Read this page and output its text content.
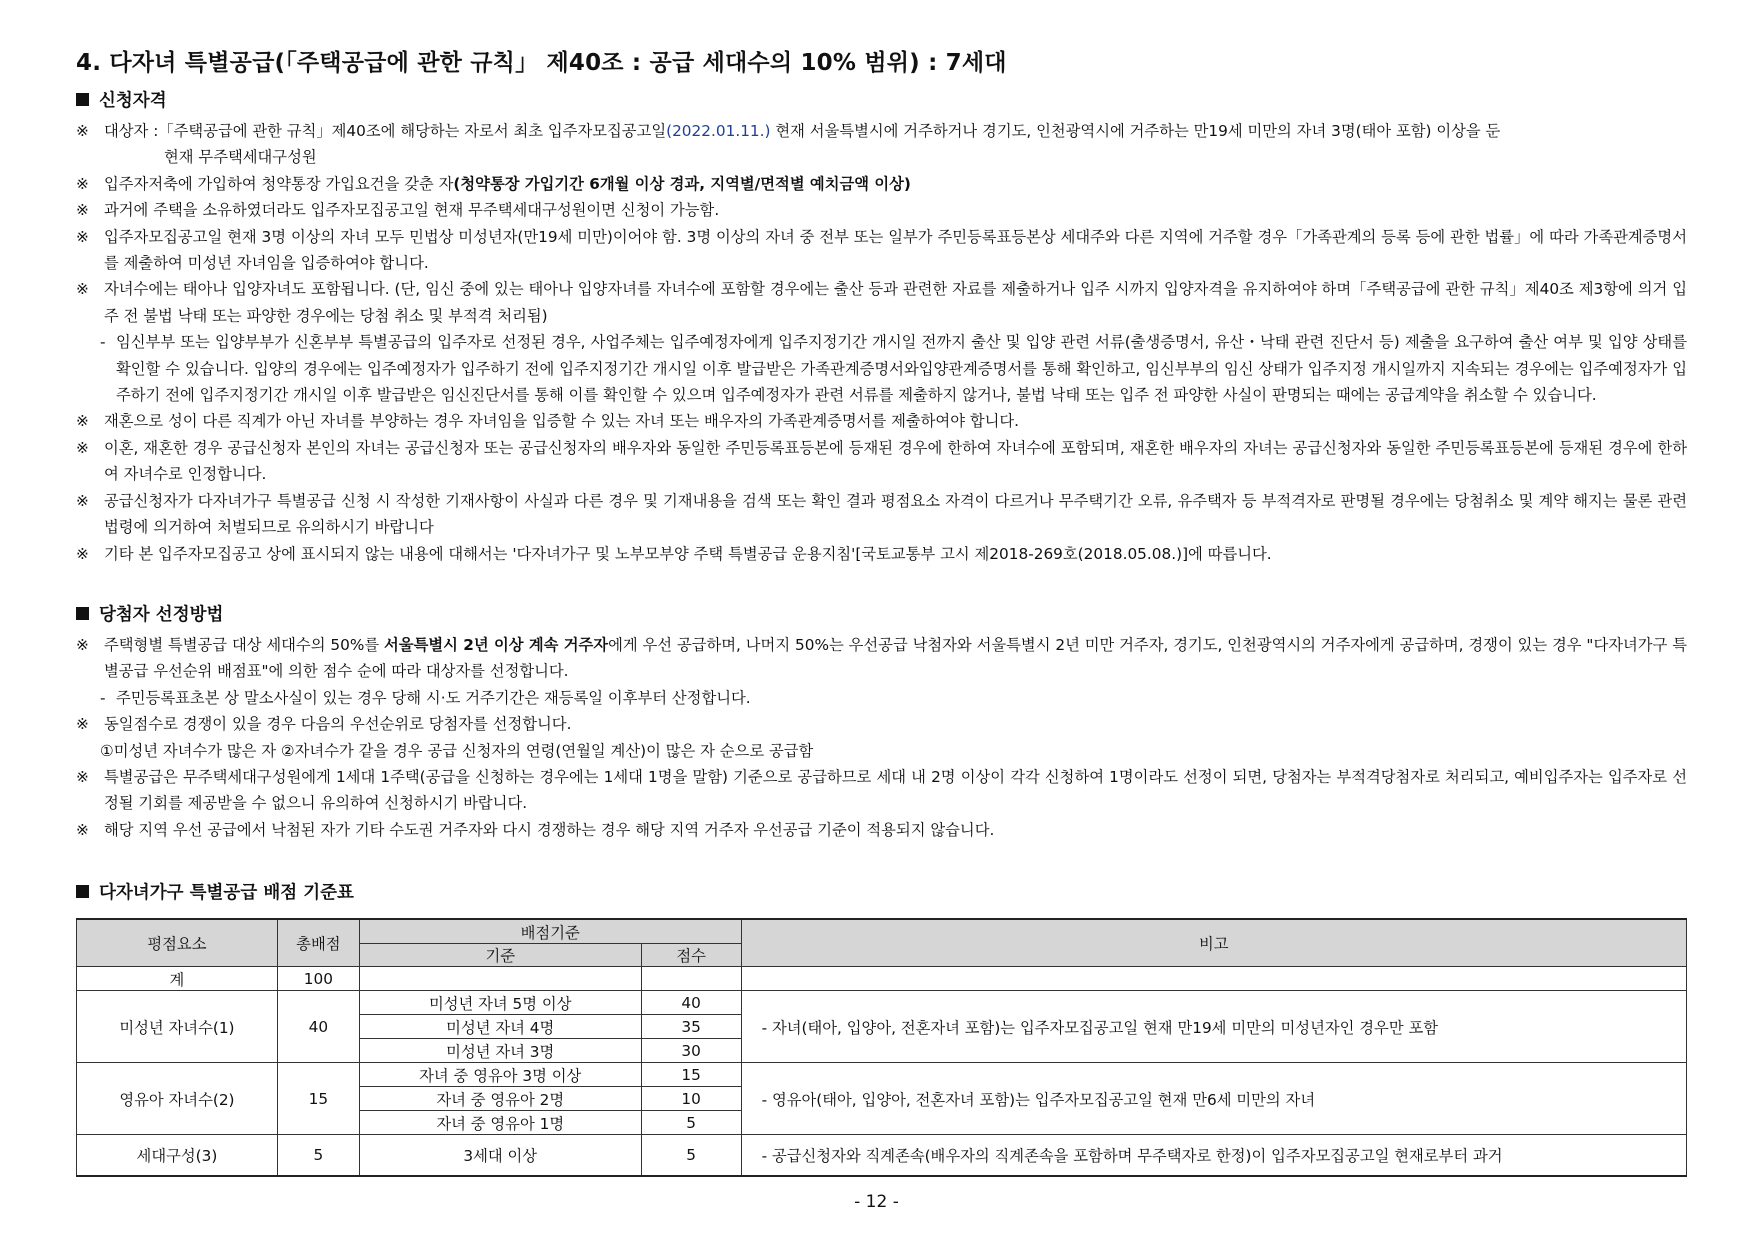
4. 다자녀 특별공급(「주택공급에 관한 규칙」 제40조 : 공급 세대수의 10% 범위) : 7세대
신청자격
※ 대상자 :「주택공급에 관한 규칙」제40조에 해당하는 자로서 최초 입주자모집공고일(2022.01.11.) 현재 서울특별시에 거주하거나 경기도, 인천광역시에 거주하는 만19세 미만의 자녀 3명(태아 포함) 이상을 둔
현재 무주택세대구성원
※ 입주자저축에 가입하여 청약통장 가입요건을 갖춘 자(청약통장 가입기간 6개월 이상 경과, 지역별/면적별 예치금액 이상)
※ 과거에 주택을 소유하였더라도 입주자모집공고일 현재 무주택세대구성원이면 신청이 가능함.
※ 입주자모집공고일 현재 3명 이상의 자녀 모두 민법상 미성년자(만19세 미만)이어야 함. 3명 이상의 자녀 중 전부 또는 일부가 주민등록표등본상 세대주와 다른 지역에 거주할 경우「가족관계의 등록 등에 관한 법률」에 따라 가족관계증명서를 제출하여 미성년 자녀임을 입증하여야 합니다.
※ 자녀수에는 태아나 입양자녀도 포함됩니다. (단, 임신 중에 있는 태아나 입양자녀를 자녀수에 포함할 경우에는 출산 등과 관련한 자료를 제출하거나 입주 시까지 입양자격을 유지하여야 하며「주택공급에 관한 규칙」제40조 제3항에 의거 입주 전 불법 낙태 또는 파양한 경우에는 당첨 취소 및 부적격 처리됨)
- 임신부부 또는 입양부부가 신혼부부 특별공급의 입주자로 선정된 경우, 사업주체는 입주예정자에게 입주지정기간 개시일 전까지 출산 및 입양 관련 서류(출생증명서, 유산・낙태 관련 진단서 등) 제출을 요구하여 출산 여부 및 입양 상태를 확인할 수 있습니다. 입양의 경우에는 입주예정자가 입주하기 전에 입주지정기간 개시일 이후 발급받은 가족관계증명서와입양관계증명서를 통해 확인하고, 임신부부의 임신 상태가 입주지정 개시일까지 지속되는 경우에는 입주예정자가 입주하기 전에 입주지정기간 개시일 이후 발급받은 임신진단서를 통해 이를 확인할 수 있으며 입주예정자가 관련 서류를 제출하지 않거나, 불법 낙태 또는 입주 전 파양한 사실이 판명되는 때에는 공급계약을 취소할 수 있습니다.
※ 재혼으로 성이 다른 직계가 아닌 자녀를 부양하는 경우 자녀임을 입증할 수 있는 자녀 또는 배우자의 가족관계증명서를 제출하여야 합니다.
※ 이혼, 재혼한 경우 공급신청자 본인의 자녀는 공급신청자 또는 공급신청자의 배우자와 동일한 주민등록표등본에 등재된 경우에 한하여 자녀수에 포함되며, 재혼한 배우자의 자녀는 공급신청자와 동일한 주민등록표등본에 등재된 경우에 한하여 자녀수로 인정합니다.
※ 공급신청자가 다자녀가구 특별공급 신청 시 작성한 기재사항이 사실과 다른 경우 및 기재내용을 검색 또는 확인 결과 평점요소 자격이 다르거나 무주택기간 오류, 유주택자 등 부적격자로 판명될 경우에는 당첨취소 및 계약 해지는 물론 관련 법령에 의거하여 처벌되므로 유의하시기 바랍니다
※ 기타 본 입주자모집공고 상에 표시되지 않는 내용에 대해서는 '다자녀가구 및 노부모부양 주택 특별공급 운용지침'[국토교통부 고시 제2018-269호(2018.05.08.)]에 따릅니다.
당첨자 선정방법
※ 주택형별 특별공급 대상 세대수의 50%를 서울특별시 2년 이상 계속 거주자에게 우선 공급하며, 나머지 50%는 우선공급 낙첨자와 서울특별시 2년 미만 거주자, 경기도, 인천광역시의 거주자에게 공급하며, 경쟁이 있는 경우 "다자녀가구 특별공급 우선순위 배점표"에 의한 점수 순에 따라 대상자를 선정합니다.
- 주민등록표초본 상 말소사실이 있는 경우 당해 시·도 거주기간은 재등록일 이후부터 산정합니다.
※ 동일점수로 경쟁이 있을 경우 다음의 우선순위로 당첨자를 선정합니다.
①미성년 자녀수가 많은 자 ②자녀수가 같을 경우 공급 신청자의 연령(연월일 계산)이 많은 자 순으로 공급함
※ 특별공급은 무주택세대구성원에게 1세대 1주택(공급을 신청하는 경우에는 1세대 1명을 말함) 기준으로 공급하므로 세대 내 2명 이상이 각각 신청하여 1명이라도 선정이 되면, 당첨자는 부적격당첨자로 처리되고, 예비입주자는 입주자로 선정될 기회를 제공받을 수 없으니 유의하여 신청하시기 바랍니다.
※ 해당 지역 우선 공급에서 낙첨된 자가 기타 수도권 거주자와 다시 경쟁하는 경우 해당 지역 거주자 우선공급 기준이 적용되지 않습니다.
다자녀가구 특별공급 배점 기준표
평점요소	총배점	배점기준		비고
		기준	점수	
계	100			
미성년 자녀수(1)	40	미성년 자녀 5명 이상	40	- 자녀(태아, 입양아, 전혼자녀 포함)는 입주자모집공고일 현재 만19세 미만의 미성년자인 경우만 포함
		미성년 자녀 4명	35	
		미성년 자녀 3명	30	
영유아 자녀수(2)	15	자녀 중 영유아 3명 이상	15	- 영유아(태아, 입양아, 전혼자녀 포함)는 입주자모집공고일 현재 만6세 미만의 자녀
		자녀 중 영유아 2명	10	
		자녀 중 영유아 1명	5	
세대구성(3)	5	3세대 이상	5	- 공급신청자와 직계존속(배우자의 직계존속을 포함하며 무주택자로 한정)이 입주자모집공고일 현재로부터 과거
- 12 -
